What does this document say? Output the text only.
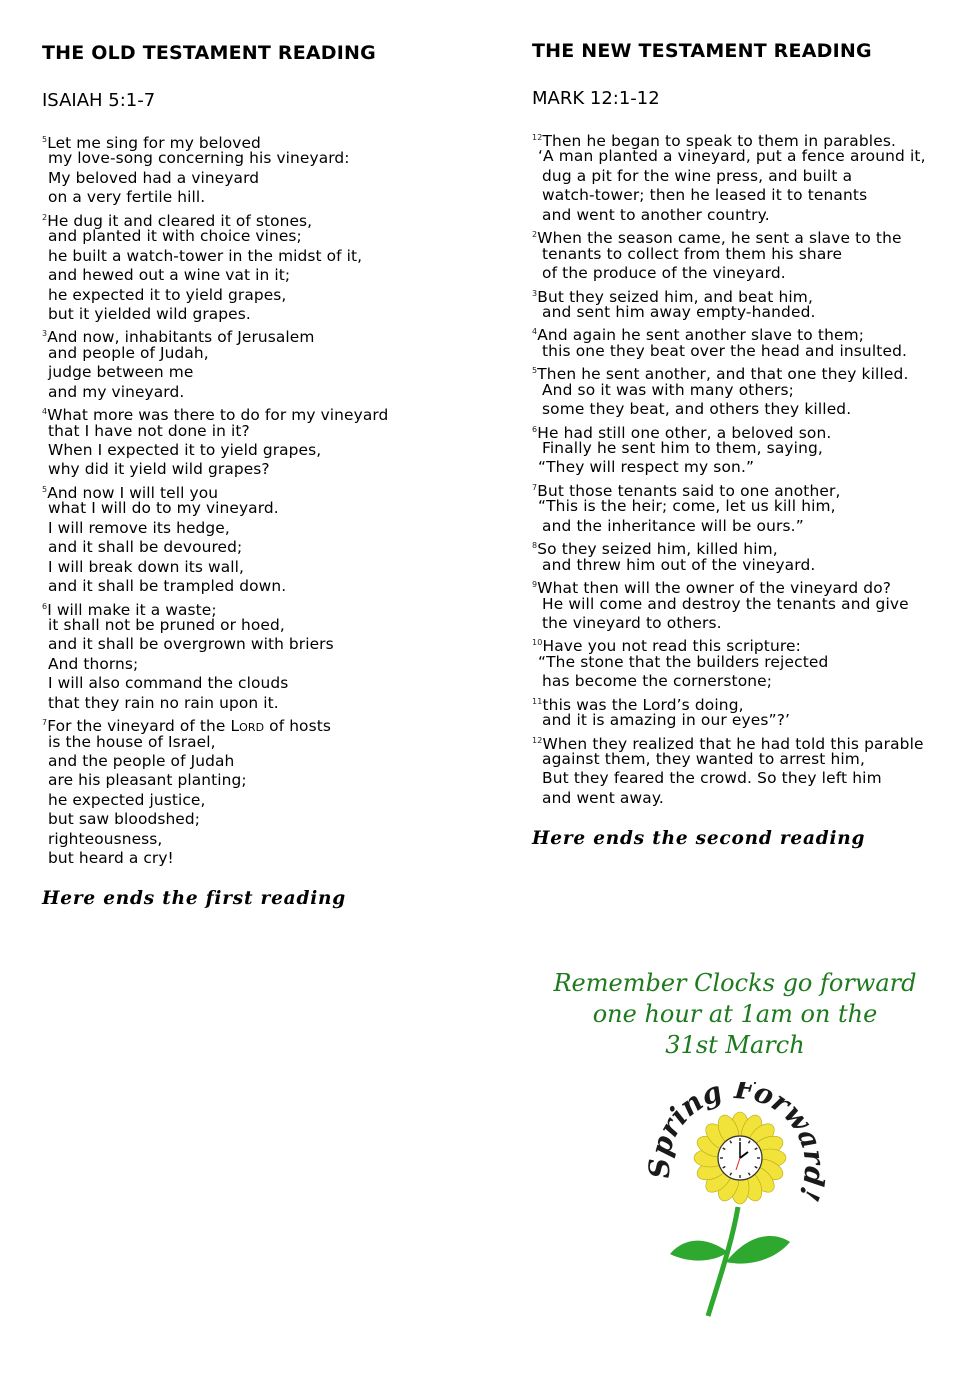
THE OLD TESTAMENT READING
ISAIAH 5:1-7
$^5$Let me sing for my beloved
my love-song concerning his vineyard:
My beloved had a vineyard
on a very fertile hill.
$^2$He dug it and cleared it of stones,
and planted it with choice vines;
he built a watch-tower in the midst of it,
and hewed out a wine vat in it;
he expected it to yield grapes,
but it yielded wild grapes.
$^3$And now, inhabitants of Jerusalem
and people of Judah,
judge between me
and my vineyard.
$^4$What more was there to do for my vineyard
that I have not done in it?
When I expected it to yield grapes,
why did it yield wild grapes?
$^5$And now I will tell you
what I will do to my vineyard.
I will remove its hedge,
and it shall be devoured;
I will break down its wall,
and it shall be trampled down.
$^6$I will make it a waste;
it shall not be pruned or hoed,
and it shall be overgrown with briers
And thorns;
I will also command the clouds
that they rain no rain upon it.
$^7$For the vineyard of the Lord of hosts
is the house of Israel,
and the people of Judah
are his pleasant planting;
he expected justice,
but saw bloodshed;
righteousness,
but heard a cry!

Here ends the first reading

THE NEW TESTAMENT READING
MARK 12:1-12
$^{12}$Then he began to speak to them in parables.
‘A man planted a vineyard, put a fence around it,
dug a pit for the wine press, and built a
watch-tower; then he leased it to tenants
and went to another country.
$^2$When the season came, he sent a slave to the
tenants to collect from them his share
of the produce of the vineyard.
$^3$But they seized him, and beat him,
and sent him away empty-handed.
$^4$And again he sent another slave to them;
this one they beat over the head and insulted.
$^5$Then he sent another, and that one they killed.
And so it was with many others;
some they beat, and others they killed.
$^6$He had still one other, a beloved son.
Finally he sent him to them, saying,
“They will respect my son.”
$^7$But those tenants said to one another,
“This is the heir; come, let us kill him,
and the inheritance will be ours.”
$^8$So they seized him, killed him,
and threw him out of the vineyard.
$^9$What then will the owner of the vineyard do?
He will come and destroy the tenants and give
the vineyard to others.
$^{10}$Have you not read this scripture:
“The stone that the builders rejected
has become the cornerstone;
$^{11}$this was the Lord’s doing,
and it is amazing in our eyes”?’
$^{12}$When they realized that he had told this parable
against them, they wanted to arrest him,
But they feared the crowd. So they left him
and went away.

Here ends the second reading

Remember Clocks go forward
one hour at 1am on the
31st March
Spring Forward!
